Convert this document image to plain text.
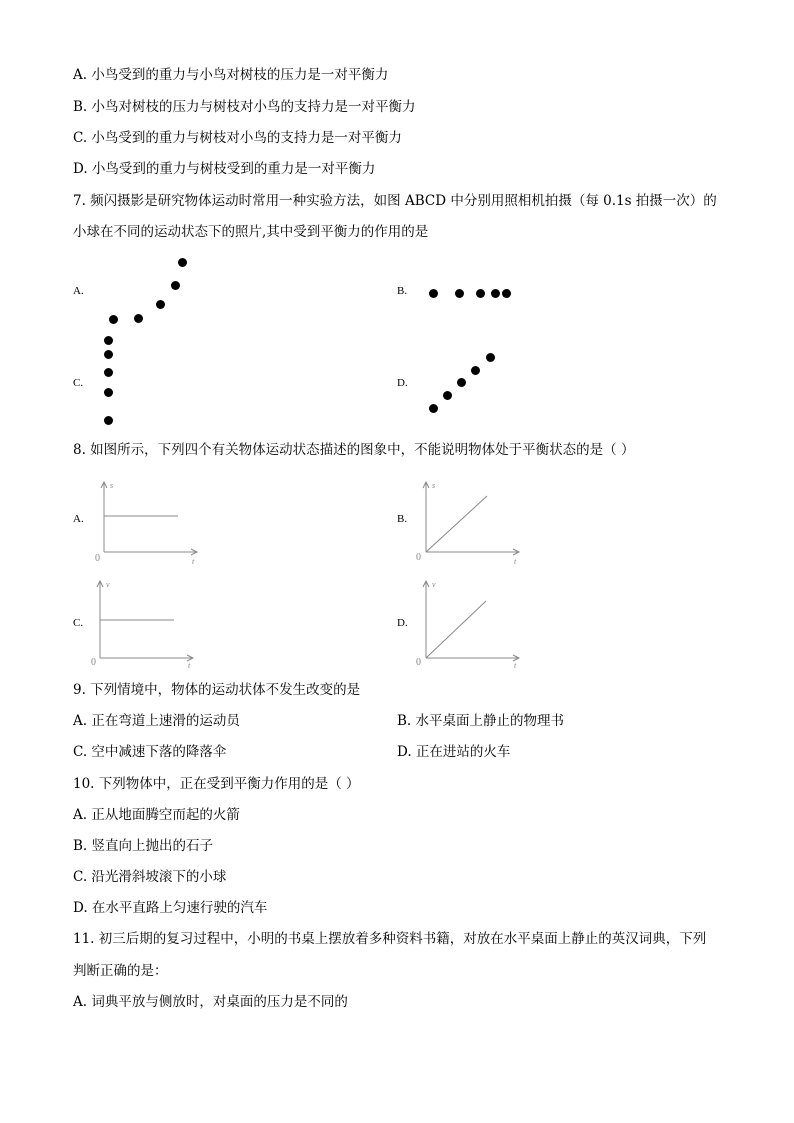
A. 小鸟受到的重力与小鸟对树枝的压力是一对平衡力
B. 小鸟对树枝的压力与树枝对小鸟的支持力是一对平衡力
C. 小鸟受到的重力与树枝对小鸟的支持力是一对平衡力
D. 小鸟受到的重力与树枝受到的重力是一对平衡力
7. 频闪摄影是研究物体运动时常用一种实验方法，如图 ABCD 中分别用照相机拍摄（每 0.1s 拍摄一次）的
小球在不同的运动状态下的照片,其中受到平衡力的作用的是
A.	B.
C.	D.
8. 如图所示，下列四个有关物体运动状态描述的图象中，不能说明物体处于平衡状态的是（ ）
A.	B.
C.	D.
s
t
0
s
t
0
v
t
0
v
t
0
9. 下列情境中，物体的运动状体不发生改变的是
A. 正在弯道上速滑的运动员	B. 水平桌面上静止的物理书
C. 空中减速下落的降落伞	D. 正在进站的火车
10. 下列物体中，正在受到平衡力作用的是（ ）
A. 正从地面腾空而起的火箭
B. 竖直向上抛出的石子
C. 沿光滑斜坡滚下的小球
D. 在水平直路上匀速行驶的汽车
11. 初三后期的复习过程中，小明的书桌上摆放着多种资料书籍，对放在水平桌面上静止的英汉词典，下列
判断正确的是：
A. 词典平放与侧放时，对桌面的压力是不同的
